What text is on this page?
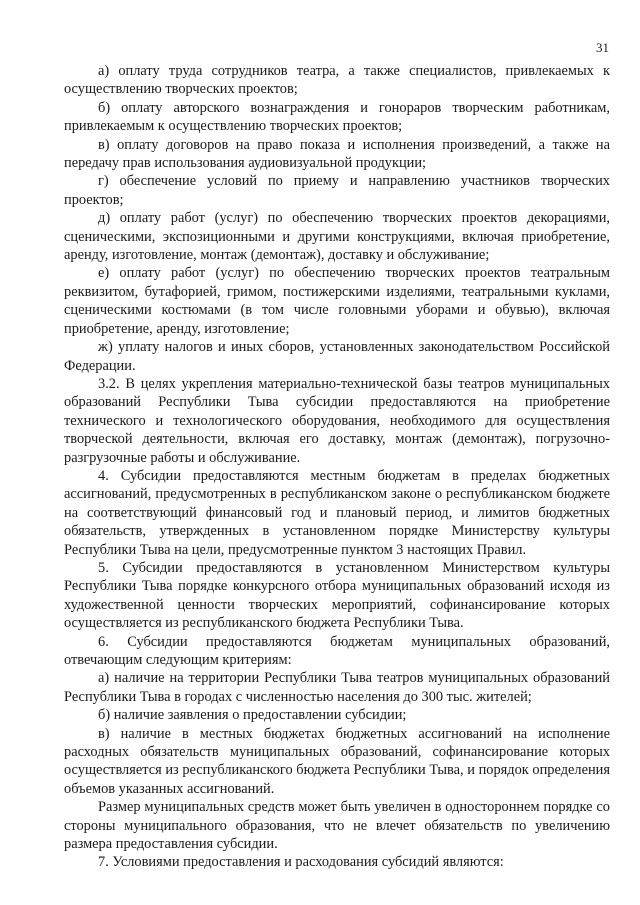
31

а) оплату труда сотрудников театра, а также специалистов, привлекаемых к осуществлению творческих проектов;

б) оплату авторского вознаграждения и гонораров творческим работникам, привлекаемым к осуществлению творческих проектов;

в) оплату договоров на право показа и исполнения произведений, а также на передачу прав использования аудиовизуальной продукции;

г) обеспечение условий по приему и направлению участников творческих проектов;

д) оплату работ (услуг) по обеспечению творческих проектов декорациями, сценическими, экспозиционными и другими конструкциями, включая приобретение, аренду, изготовление, монтаж (демонтаж), доставку и обслуживание;

е) оплату работ (услуг) по обеспечению творческих проектов театральным реквизитом, бутафорией, гримом, постижерскими изделиями, театральными куклами, сценическими костюмами (в том числе головными уборами и обувью), включая приобретение, аренду, изготовление;

ж) уплату налогов и иных сборов, установленных законодательством Российской Федерации.

3.2. В целях укрепления материально-технической базы театров муниципальных образований Республики Тыва субсидии предоставляются на приобретение технического и технологического оборудования, необходимого для осуществления творческой деятельности, включая его доставку, монтаж (демонтаж), погрузочно-разгрузочные работы и обслуживание.

4. Субсидии предоставляются местным бюджетам в пределах бюджетных ассигнований, предусмотренных в республиканском законе о республиканском бюджете на соответствующий финансовый год и плановый период, и лимитов бюджетных обязательств, утвержденных в установленном порядке Министерству культуры Республики Тыва на цели, предусмотренные пунктом 3 настоящих Правил.

5. Субсидии предоставляются в установленном Министерством культуры Республики Тыва порядке конкурсного отбора муниципальных образований исходя из художественной ценности творческих мероприятий, софинансирование которых осуществляется из республиканского бюджета Республики Тыва.

6. Субсидии предоставляются бюджетам муниципальных образований, отвечающим следующим критериям:

а) наличие на территории Республики Тыва театров муниципальных образований Республики Тыва в городах с численностью населения до 300 тыс. жителей;

б) наличие заявления о предоставлении субсидии;

в) наличие в местных бюджетах бюджетных ассигнований на исполнение расходных обязательств муниципальных образований, софинансирование которых осуществляется из республиканского бюджета Республики Тыва, и порядок определения объемов указанных ассигнований.

Размер муниципальных средств может быть увеличен в одностороннем порядке со стороны муниципального образования, что не влечет обязательств по увеличению размера предоставления субсидии.

7. Условиями предоставления и расходования субсидий являются:
